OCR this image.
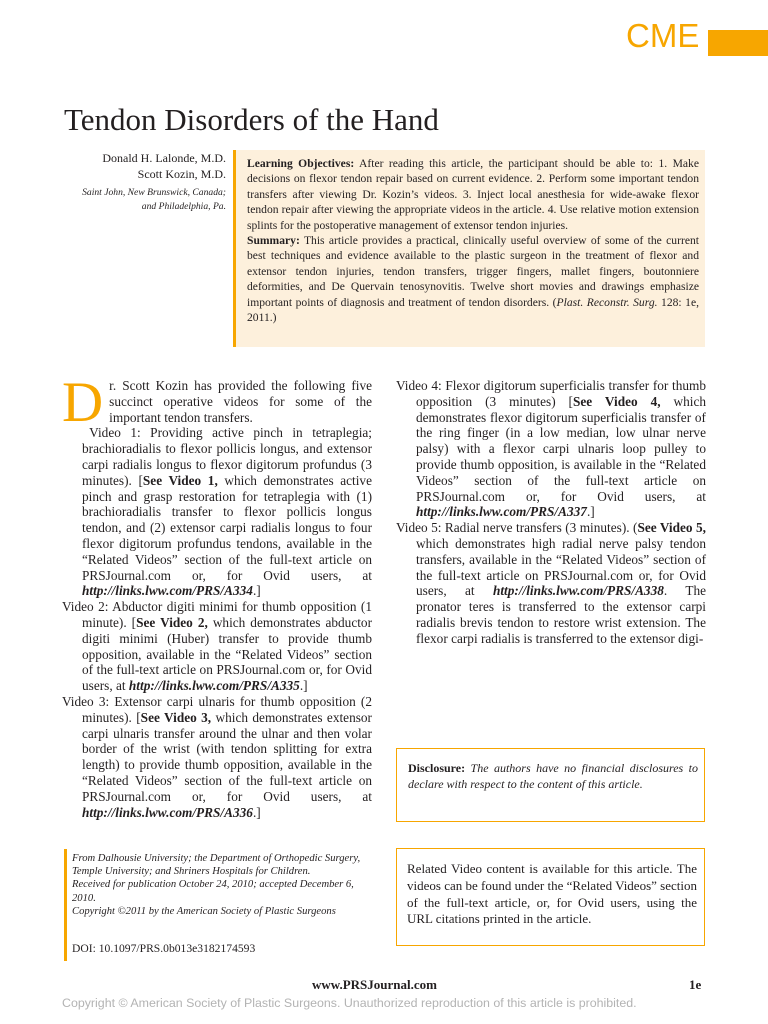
CME
Tendon Disorders of the Hand
Donald H. Lalonde, M.D.
Scott Kozin, M.D.
Saint John, New Brunswick, Canada;
and Philadelphia, Pa.
Learning Objectives: After reading this article, the participant should be able to: 1. Make decisions on flexor tendon repair based on current evidence. 2. Perform some important tendon transfers after viewing Dr. Kozin’s videos. 3. Inject local anesthesia for wide-awake flexor tendon repair after viewing the appropriate videos in the article. 4. Use relative motion extension splints for the postoperative management of extensor tendon injuries.
Summary: This article provides a practical, clinically useful overview of some of the current best techniques and evidence available to the plastic surgeon in the treatment of flexor and extensor tendon injuries, tendon transfers, trigger fingers, mallet fingers, boutonniere deformities, and De Quervain tenosynovitis. Twelve short movies and drawings emphasize important points of diagnosis and treatment of tendon disorders. (Plast. Reconstr. Surg. 128: 1e, 2011.)

Dr. Scott Kozin has provided the following five succinct operative videos for some of the important tendon transfers.

Video 1: Providing active pinch in tetraplegia; brachioradialis to flexor pollicis longus, and extensor carpi radialis longus to flexor digitorum profundus (3 minutes). [See Video 1, which demonstrates active pinch and grasp restoration for tetraplegia with (1) brachioradialis transfer to flexor pollicis longus tendon, and (2) extensor carpi radialis longus to four flexor digitorum profundus tendons, available in the “Related Videos” section of the full-text article on PRSJournal.com or, for Ovid users, at http://links.lww.com/PRS/A334.]

Video 2: Abductor digiti minimi for thumb opposition (1 minute). [See Video 2, which demonstrates abductor digiti minimi (Huber) transfer to provide thumb opposition, available in the “Related Videos” section of the full-text article on PRSJournal.com or, for Ovid users, at http://links.lww.com/PRS/A335.]

Video 3: Extensor carpi ulnaris for thumb opposition (2 minutes). [See Video 3, which demonstrates extensor carpi ulnaris transfer around the ulnar and then volar border of the wrist (with tendon splitting for extra length) to provide thumb opposition, available in the “Related Videos” section of the full-text article on PRSJournal.com or, for Ovid users, at http://links.lww.com/PRS/A336.]

Video 4: Flexor digitorum superficialis transfer for thumb opposition (3 minutes) [See Video 4, which demonstrates flexor digitorum superficialis transfer of the ring finger (in a low median, low ulnar nerve palsy) with a flexor carpi ulnaris loop pulley to provide thumb opposition, is available in the “Related Videos” section of the full-text article on PRSJournal.com or, for Ovid users, at http://links.lww.com/PRS/A337.]

Video 5: Radial nerve transfers (3 minutes). (See Video 5, which demonstrates high radial nerve palsy tendon transfers, available in the “Related Videos” section of the full-text article on PRSJournal.com or, for Ovid users, at http://links.lww.com/PRS/A338. The pronator teres is transferred to the extensor carpi radialis brevis tendon to restore wrist extension. The flexor carpi radialis is transferred to the extensor digi-

Disclosure: The authors have no financial disclosures to declare with respect to the content of this article.
Related Video content is available for this article. The videos can be found under the “Related Videos” section of the full-text article, or, for Ovid users, using the URL citations printed in the article.
From Dalhousie University; the Department of Orthopedic Surgery, Temple University; and Shriners Hospitals for Children.
Received for publication October 24, 2010; accepted December 6, 2010.
Copyright ©2011 by the American Society of Plastic Surgeons
DOI: 10.1097/PRS.0b013e3182174593
www.PRSJournal.com	1e
Copyright © American Society of Plastic Surgeons. Unauthorized reproduction of this article is prohibited.
